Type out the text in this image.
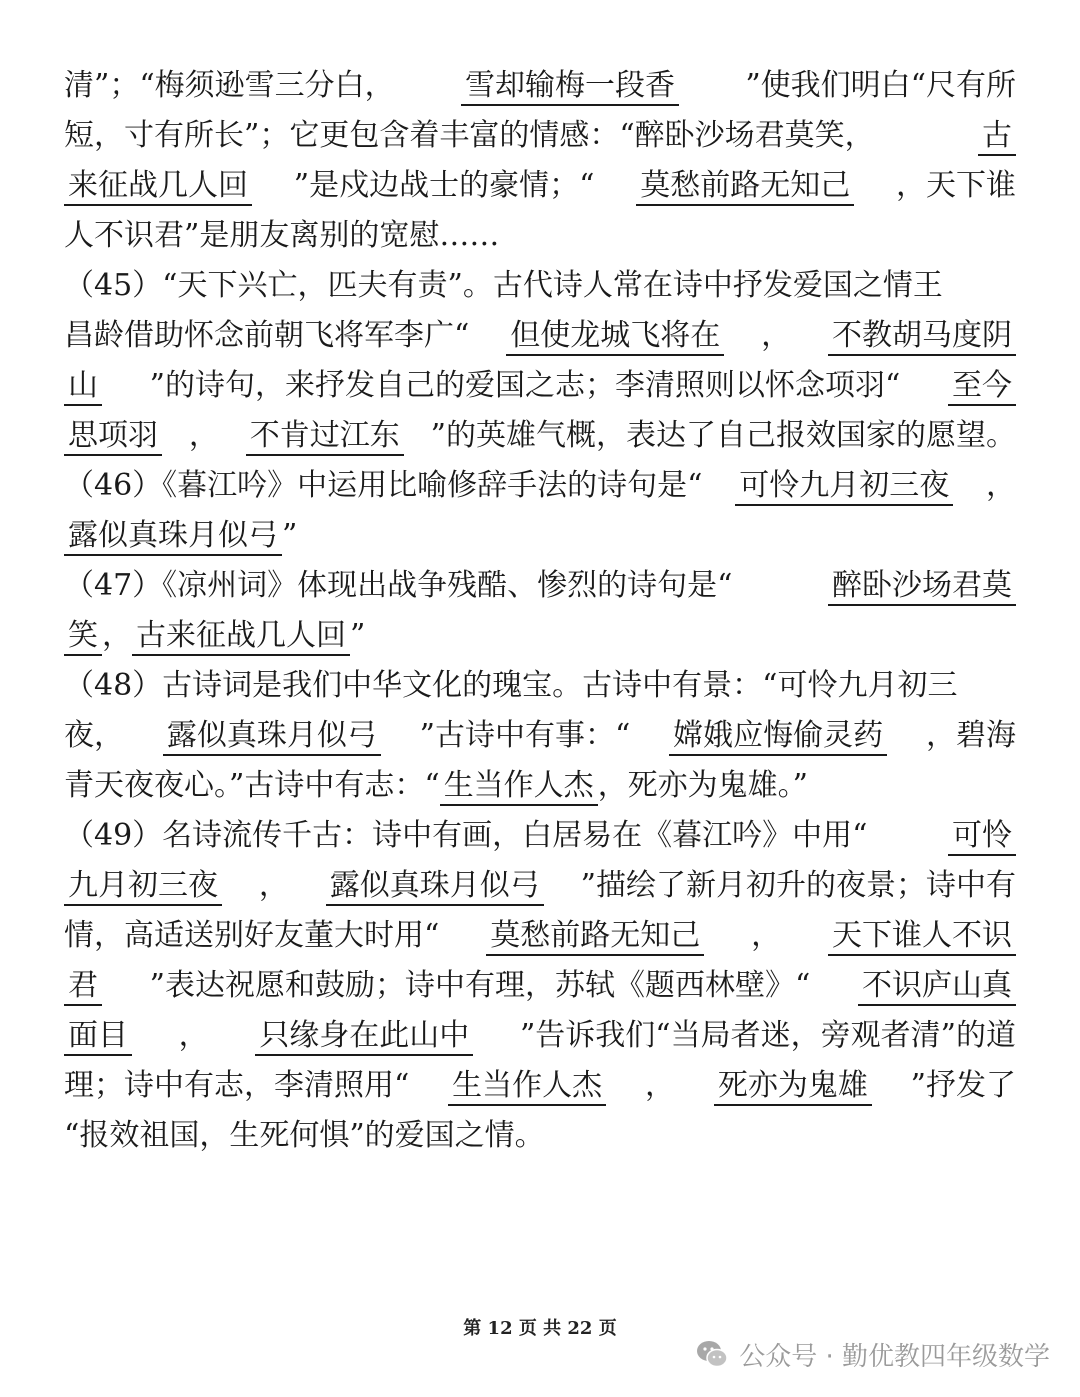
清”；“梅须逊雪三分白， 雪却输梅一段香 ”使我们明白“尺有所
短，寸有所长”；它更包含着丰富的情感：“醉卧沙场君莫笑，	古
来征战几人回 ”是戍边战士的豪情；“ 莫愁前路无知己 ，天下谁
人不识君”是朋友离别的宽慰……
（45）“天下兴亡，匹夫有责”。古代诗人常在诗中抒发爱国之情王
昌龄借助怀念前朝飞将军李广“ 但使龙城飞将在 ， 不教胡马度阴
山 ”的诗句，来抒发自己的爱国之志；李清照则以怀念项羽“ 至今
思项羽 ， 不肯过江东 ”的英雄气概，表达了自己报效国家的愿望。
（46）《暮江吟》中运用比喻修辞手法的诗句是“ 可怜九月初三夜 ，
露似真珠月似弓 ”
（47）《凉州词》体现出战争残酷、惨烈的诗句是“	醉卧沙场君莫
笑 ， 古来征战几人回 ”
（48）古诗词是我们中华文化的瑰宝。古诗中有景：“可怜九月初三
夜， 露似真珠月似弓 ”古诗中有事：“ 嫦娥应悔偷灵药 ，碧海
青天夜夜心。”古诗中有志：“ 生当作人杰 ，死亦为鬼雄。”
（49）名诗流传千古：诗中有画，白居易在《暮江吟》中用“	可怜
九月初三夜 ， 露似真珠月似弓 ”描绘了新月初升的夜景；诗中有
情，高适送别好友董大时用“ 莫愁前路无知己 ， 天下谁人不识
君 ”表达祝愿和鼓励；诗中有理，苏轼《题西林壁》“ 不识庐山真
面目 ， 只缘身在此山中 ”告诉我们“当局者迷，旁观者清”的道
理；诗中有志，李清照用“ 生当作人杰 ， 死亦为鬼雄 ”抒发了
“报效祖国，生死何惧”的爱国之情。
第 12 页 共 22 页
公众号 · 勤优教四年级数学
